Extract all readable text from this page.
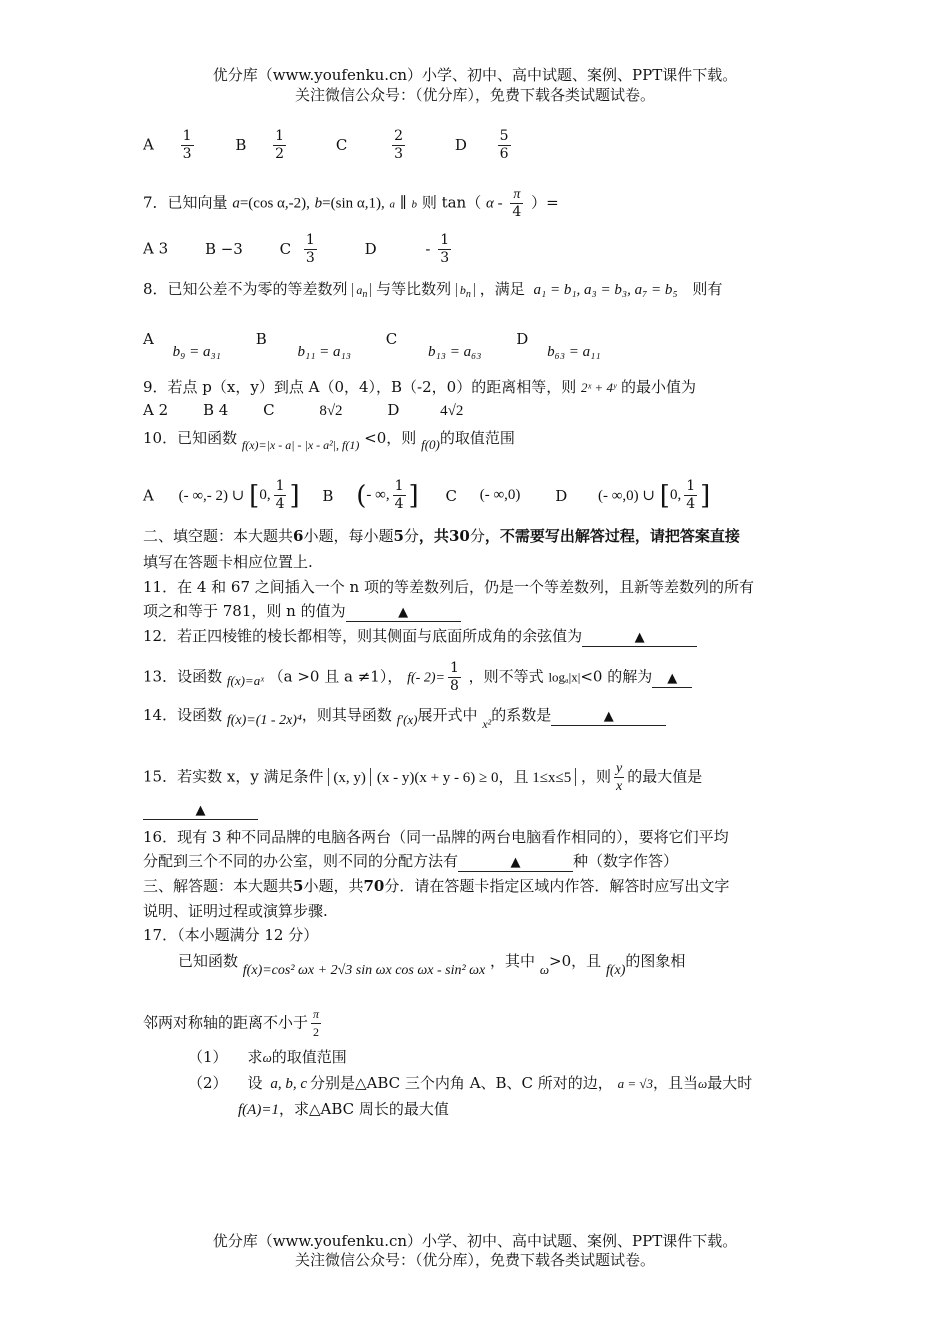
优分库（www.youfenku.cn）小学、初中、高中试题、案例、PPT课件下载。
关注微信公众号：（优分库），免费下载各类试题试卷。
A $\frac{1}{3}$	B $\frac{1}{2}$	C	$\frac{2}{3}$	D $\frac{5}{6}$
7．已知向量 a=(cos α,-2), b=(sin α,1), a ∥ b 则 tan（ α - $\frac{\pi}{4}$ ）=
A 3 B −3 C $\frac{1}{3}$	D	- $\frac{1}{3}$
8．已知公差不为零的等差数列 $a_n$ 与等比数列 $b_n$ ，满足 a₁ = b₁, a₃ = b₃, a₇ = b₅ 则有
A b₉ = a₃₁ B b₁₁ = a₁₃ C b₁₃ = a₆₃ D b₆₃ = a₁₁
9．若点 p（x，y）到点 A（0，4），B（-2，0）的距离相等，则 2ˣ + 4ʸ 的最小值为
A 2 B 4 C	8√2	D	4√2
10．已知函数 $_{f(x)=|x - a| - |x - a^2|, f(1)}$ <0，则 f(0)的取值范围
A (- ∞,- 2) ∪ [0, $\frac{1}{4}$ ] B (- ∞, $\frac{1}{4}$ ] C (- ∞,0) D (- ∞,0) ∪ [0, $\frac{1}{4}$ ]
二、填空题：本大题共6小题，每小题5分，共30分，不需要写出解答过程，请把答案直接
填写在答题卡相应位置上.
11．在 4 和 67 之间插入一个 n 项的等差数列后，仍是一个等差数列，且新等差数列的所有
项之和等于 781，则 n 的值为	▲
12．若正四棱锥的棱长都相等，则其侧面与底面所成角的余弦值为	▲
13．设函数 f(x)=aˣ （a >0 且 a ≠1）， f(- $2)= \frac{1}{8}$ ，则不等式 logₐ|x|<0 的解为 ▲
14．设函数 f(x)=(1 - 2x)⁴，则其导函数 f′(x)展开式中 $_{x^2}$的系数是	▲
15．若实数 x，y 满足条件 (x, y) (x - y)(x + y - 6) ≥ 0，且 1≤x≤5 ，则 $\frac{y}{x}$ 的最大值是
▲
16．现有 3 种不同品牌的电脑各两台（同一品牌的两台电脑看作相同的），要将它们平均
分配到三个不同的办公室，则不同的分配方法有	▲	种（数字作答）
三、解答题：本大题共5小题，共70分．请在答题卡指定区域内作答．解答时应写出文字
说明、证明过程或演算步骤.
17．（本小题满分 12 分）
已知函数 f(x)=cos² ωx + 2√3 sin ωx cos ωx - sin² ωx ，其中 ω>0，且 f(x)的图象相
邻两对称轴的距离不小于 $\frac{\pi}{2}$
（1） 求ω的取值范围
（2） 设 a, b, c 分别是△ABC 三个内角 A、B、C 所对的边， a = √3，且当ω最大时
f(A)=1，求△ABC 周长的最大值
优分库（www.youfenku.cn）小学、初中、高中试题、案例、PPT课件下载。
关注微信公众号：（优分库），免费下载各类试题试卷。
